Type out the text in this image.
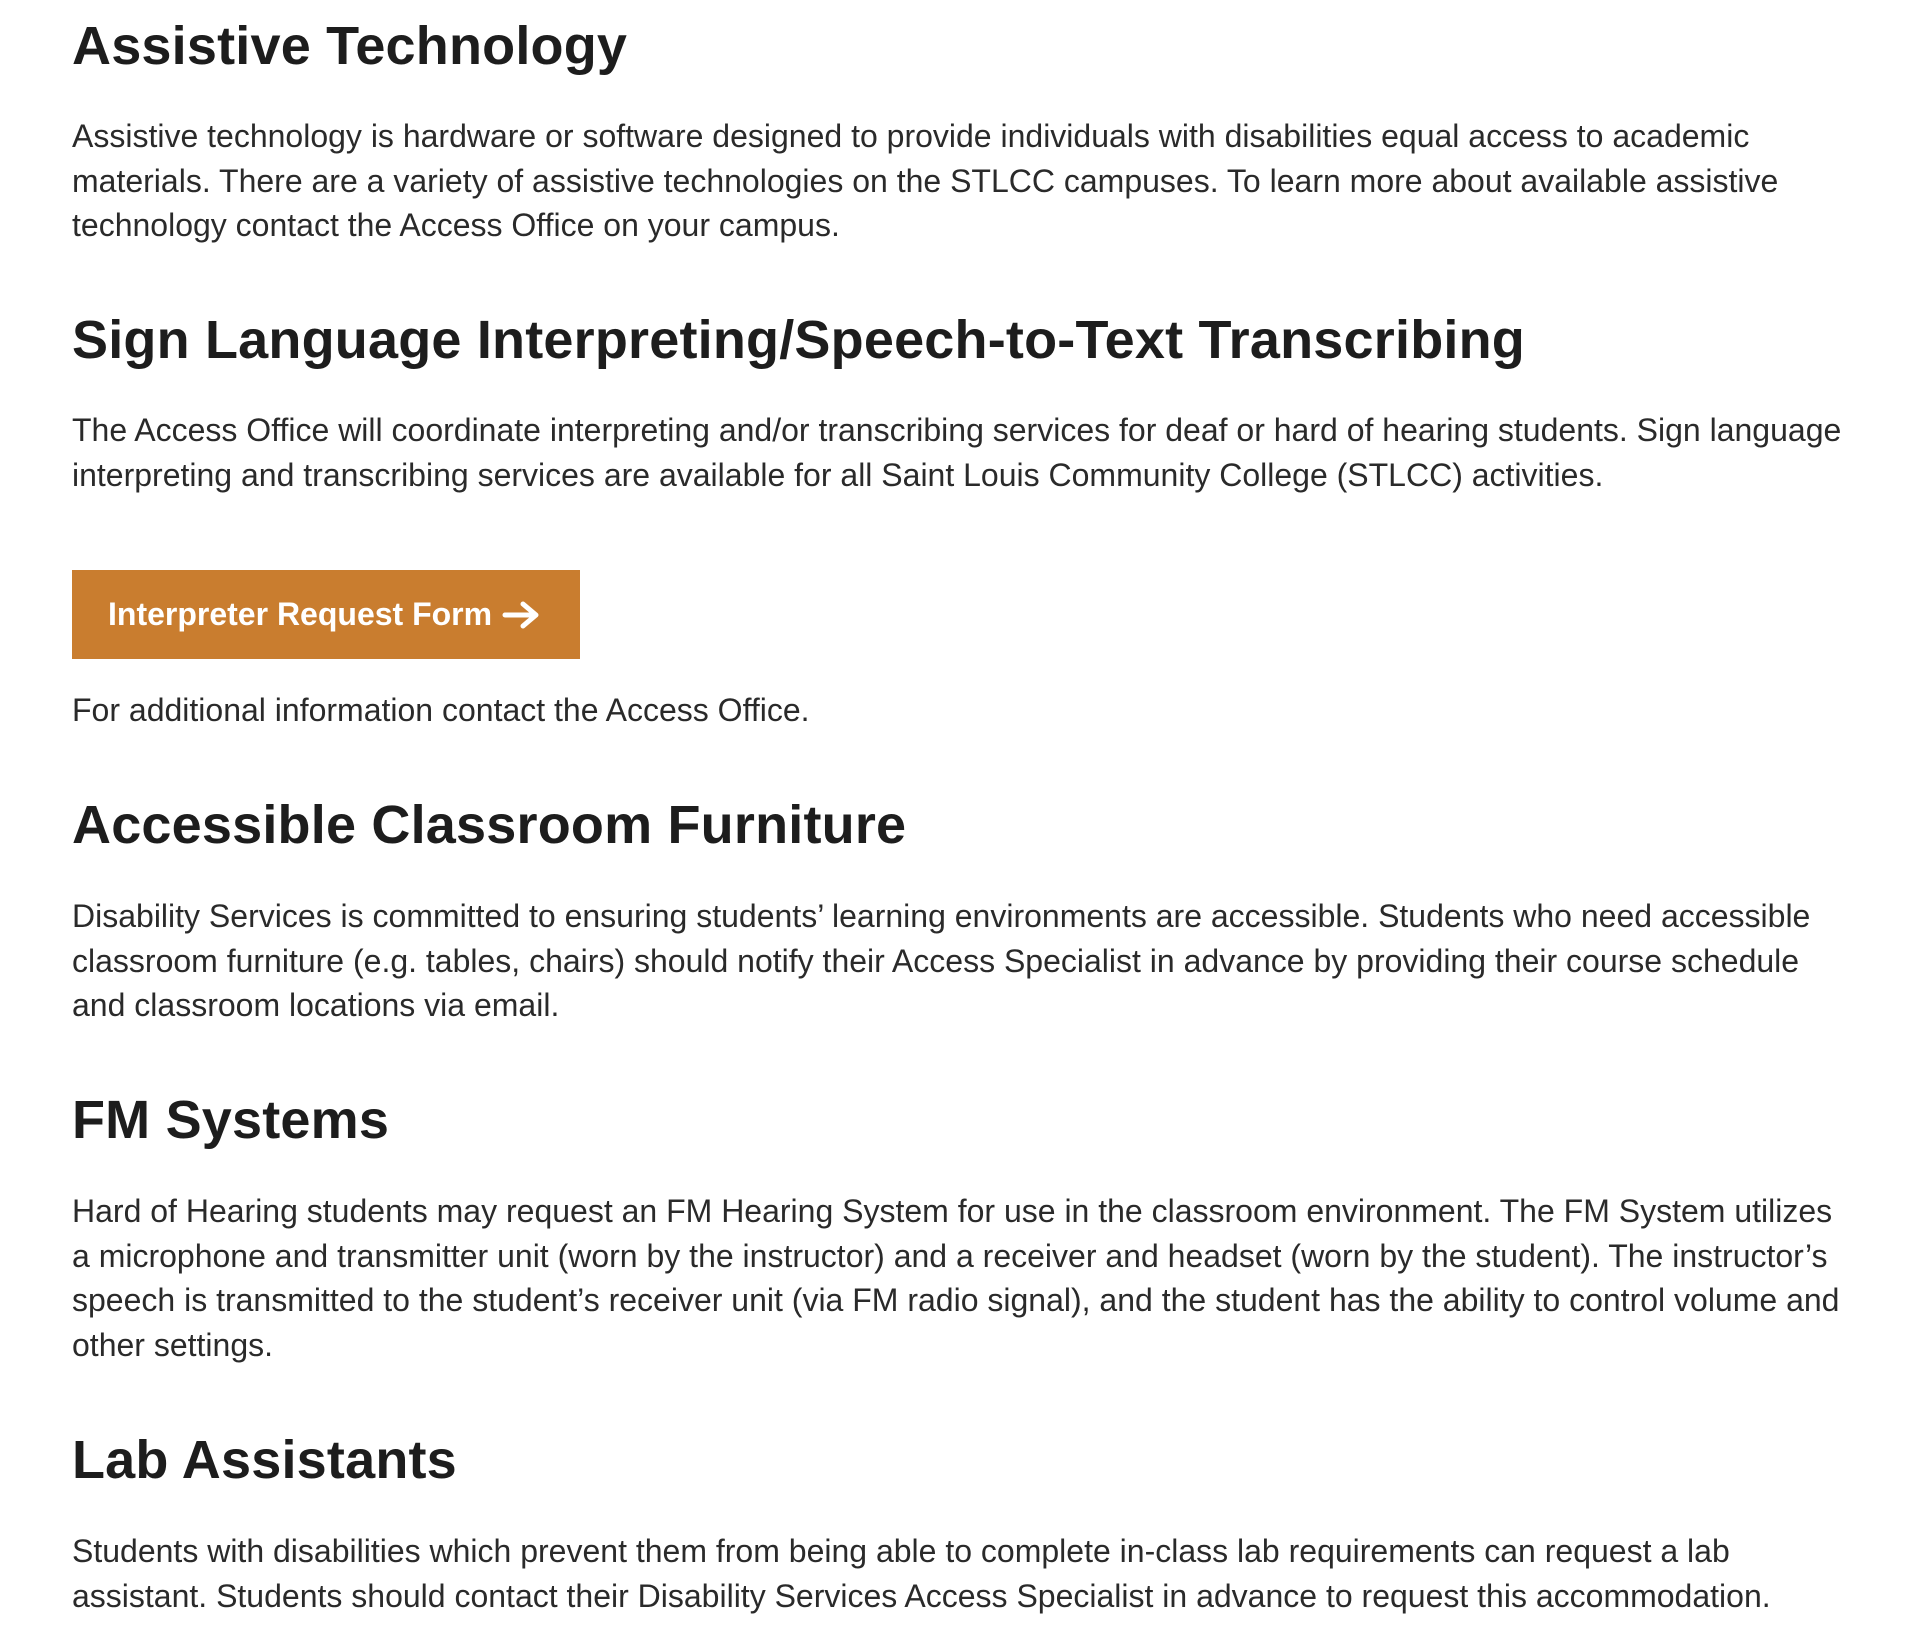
Assistive Technology

Assistive technology is hardware or software designed to provide individuals with disabilities equal access to academic materials. There are a variety of assistive technologies on the STLCC campuses. To learn more about available assistive technology contact the Access Office on your campus.

Sign Language Interpreting/Speech-to-Text Transcribing

The Access Office will coordinate interpreting and/or transcribing services for deaf or hard of hearing students. Sign language interpreting and transcribing services are available for all Saint Louis Community College (STLCC) activities.

Interpreter Request Form

For additional information contact the Access Office.

Accessible Classroom Furniture

Disability Services is committed to ensuring students’ learning environments are accessible. Students who need accessible classroom furniture (e.g. tables, chairs) should notify their Access Specialist in advance by providing their course schedule and classroom locations via email.

FM Systems

Hard of Hearing students may request an FM Hearing System for use in the classroom environment. The FM System utilizes a microphone and transmitter unit (worn by the instructor) and a receiver and headset (worn by the student). The instructor’s speech is transmitted to the student’s receiver unit (via FM radio signal), and the student has the ability to control volume and other settings.

Lab Assistants

Students with disabilities which prevent them from being able to complete in-class lab requirements can request a lab assistant. Students should contact their Disability Services Access Specialist in advance to request this accommodation.
